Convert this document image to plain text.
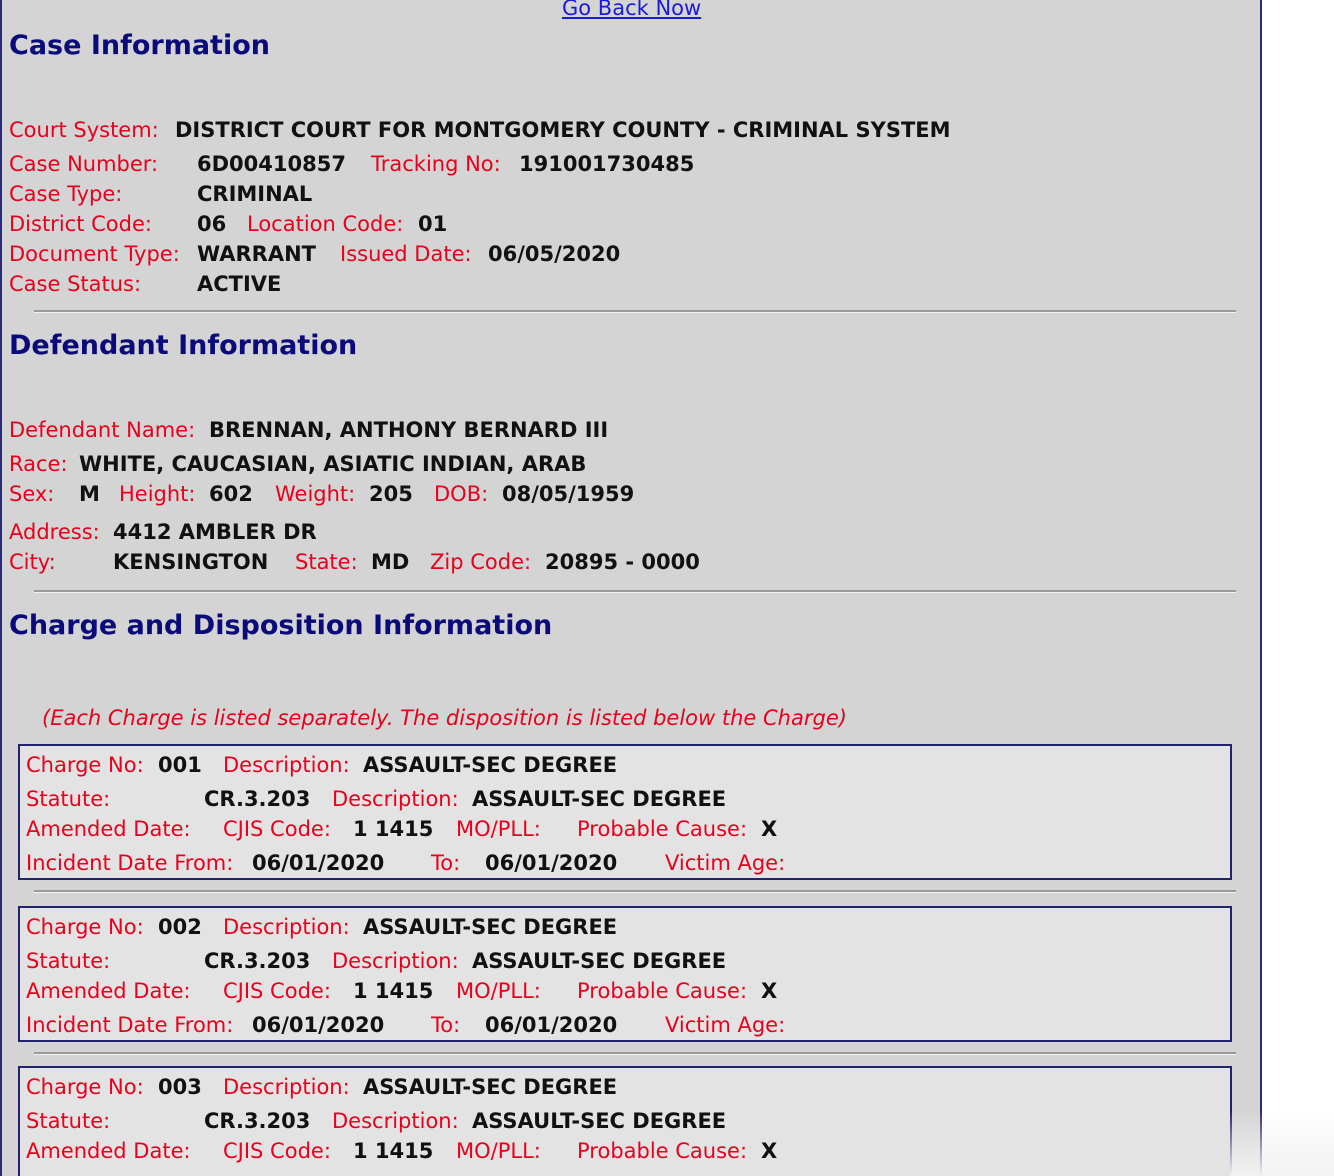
Go Back Now
Case Information
Court System: DISTRICT COURT FOR MONTGOMERY COUNTY - CRIMINAL SYSTEM
Case Number: 6D00410857 Tracking No: 191001730485
Case Type:	CRIMINAL
District Code: 06 Location Code: 01
Document Type: WARRANT Issued Date: 06/05/2020
Case Status:	ACTIVE
Defendant Information
Defendant Name: BRENNAN, ANTHONY BERNARD III
Race: WHITE, CAUCASIAN, ASIATIC INDIAN, ARAB
Sex: M Height: 602 Weight: 205 DOB: 08/05/1959
Address: 4412 AMBLER DR
City:	KENSINGTON State: MD Zip Code: 20895 - 0000
Charge and Disposition Information
(Each Charge is listed separately. The disposition is listed below the Charge)
Charge No: 001 Description: ASSAULT-SEC DEGREE
Statute:	CR.3.203 Description: ASSAULT-SEC DEGREE
Amended Date: CJIS Code: 1 1415 MO/PLL: Probable Cause: X
Incident Date From: 06/01/2020 To: 06/01/2020 Victim Age:
Charge No: 002 Description: ASSAULT-SEC DEGREE
Statute:	CR.3.203 Description: ASSAULT-SEC DEGREE
Amended Date: CJIS Code: 1 1415 MO/PLL: Probable Cause: X
Incident Date From: 06/01/2020 To: 06/01/2020 Victim Age:
Charge No: 003 Description: ASSAULT-SEC DEGREE
Statute:	CR.3.203 Description: ASSAULT-SEC DEGREE
Amended Date: CJIS Code: 1 1415 MO/PLL: Probable Cause: X
